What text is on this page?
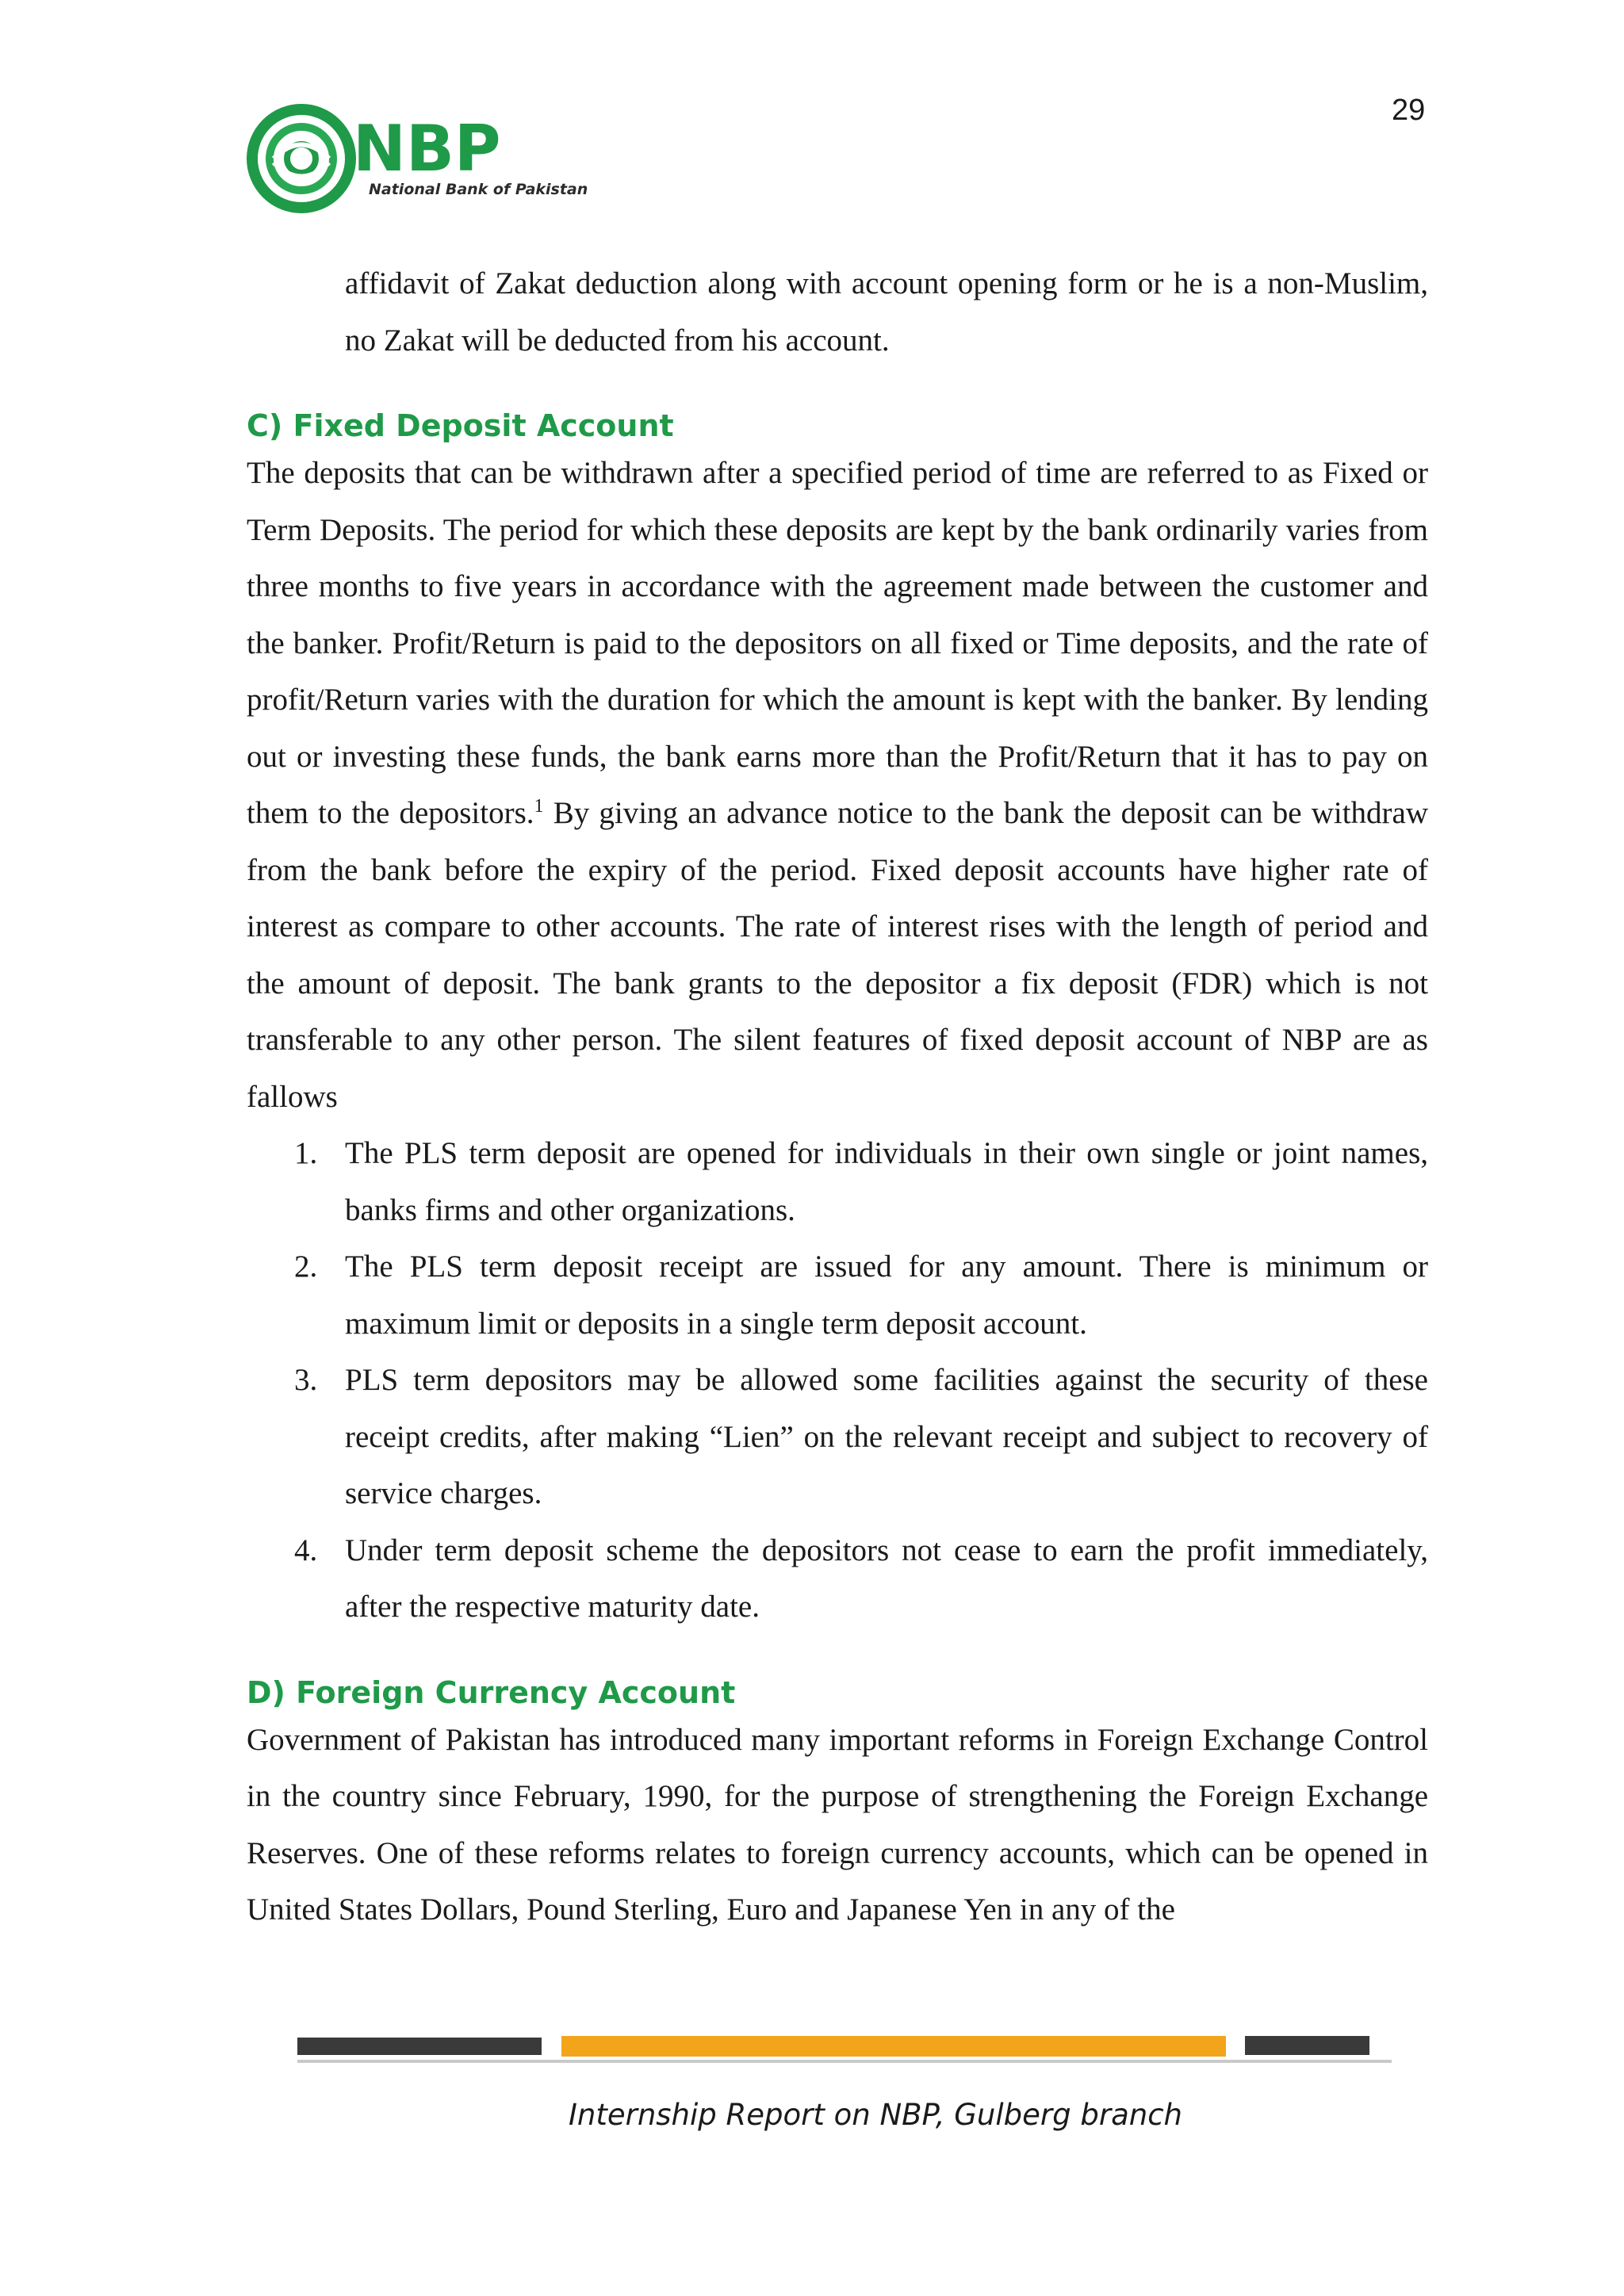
29
NBP
National Bank of Pakistan

affidavit of Zakat deduction along with account opening form or he is a non-Muslim, no Zakat will be deducted from his account.

C) Fixed Deposit Account

The deposits that can be withdrawn after a specified period of time are referred to as Fixed or Term Deposits. The period for which these deposits are kept by the bank ordinarily varies from three months to five years in accordance with the agreement made between the customer and the banker. Profit/Return is paid to the depositors on all fixed or Time deposits, and the rate of profit/Return varies with the duration for which the amount is kept with the banker. By lending out or investing these funds, the bank earns more than the Profit/Return that it has to pay on them to the depositors.$^1$ By giving an advance notice to the bank the deposit can be withdraw from the bank before the expiry of the period. Fixed deposit accounts have higher rate of interest as compare to other accounts. The rate of interest rises with the length of period and the amount of deposit. The bank grants to the depositor a fix deposit (FDR) which is not transferable to any other person. The silent features of fixed deposit account of NBP are as fallows

1. The PLS term deposit are opened for individuals in their own single or joint names, banks firms and other organizations.
2. The PLS term deposit receipt are issued for any amount. There is minimum or maximum limit or deposits in a single term deposit account.
3. PLS term depositors may be allowed some facilities against the security of these receipt credits, after making “Lien” on the relevant receipt and subject to recovery of service charges.
4. Under term deposit scheme the depositors not cease to earn the profit immediately, after the respective maturity date.
D) Foreign Currency Account

Government of Pakistan has introduced many important reforms in Foreign Exchange Control in the country since February, 1990, for the purpose of strengthening the Foreign Exchange Reserves. One of these reforms relates to foreign currency accounts, which can be opened in United States Dollars, Pound Sterling, Euro and Japanese Yen in any of the

Internship Report on NBP, Gulberg branch
